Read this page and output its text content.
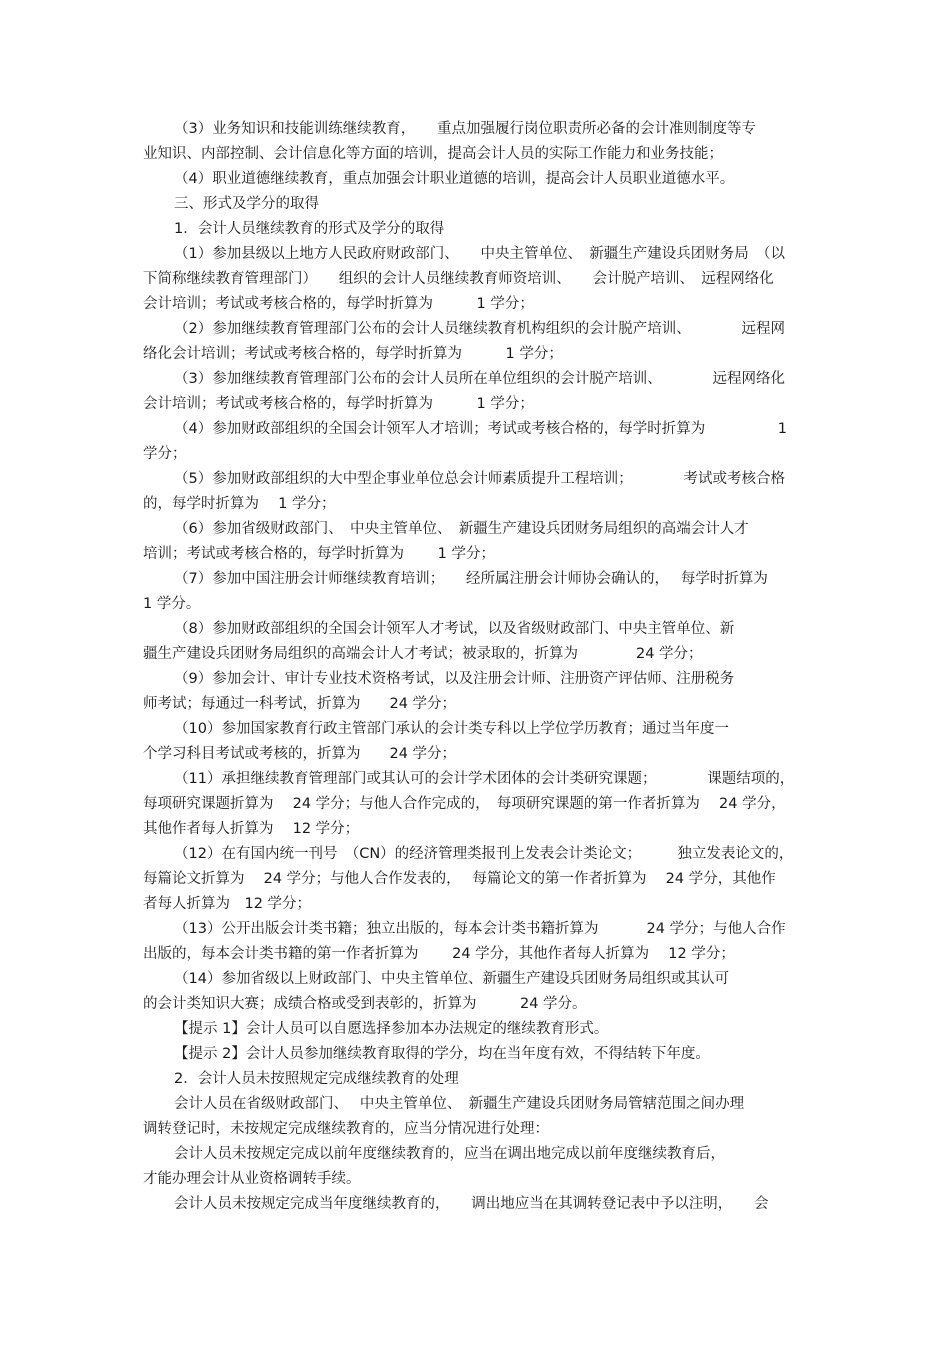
（3）业务知识和技能训练继续教育，　　重点加强履行岗位职责所必备的会计准则制度等专
业知识、内部控制、会计信息化等方面的培训，提高会计人员的实际工作能力和业务技能；
（4）职业道德继续教育，重点加强会计职业道德的培训，提高会计人员职业道德水平。
三、形式及学分的取得
1．会计人员继续教育的形式及学分的取得
（1）参加县级以上地方人民政府财政部门、　　中央主管单位、　新疆生产建设兵团财务局　（以
下简称继续教育管理部门）　　组织的会计人员继续教育师资培训、　　会计脱产培训、　远程网络化
会计培训；考试或考核合格的，每学时折算为　　　1 学分；
（2）参加继续教育管理部门公布的会计人员继续教育机构组织的会计脱产培训、　　　　远程网
络化会计培训；考试或考核合格的，每学时折算为　　　1 学分；
（3）参加继续教育管理部门公布的会计人员所在单位组织的会计脱产培训、　　　　远程网络化
会计培训；考试或考核合格的，每学时折算为　　　1 学分；
（4）参加财政部组织的全国会计领军人才培训；考试或考核合格的，每学时折算为　　　　　1
学分；
（5）参加财政部组织的大中型企事业单位总会计师素质提升工程培训；　　　　考试或考核合格
的，每学时折算为　 1 学分；
（6）参加省级财政部门、　中央主管单位、　新疆生产建设兵团财务局组织的高端会计人才
培训；考试或考核合格的，每学时折算为　　 1 学分；
（7）参加中国注册会计师继续教育培训；　　经所属注册会计师协会确认的，　 每学时折算为
1 学分。
（8）参加财政部组织的全国会计领军人才考试，以及省级财政部门、中央主管单位、新
疆生产建设兵团财务局组织的高端会计人才考试；被录取的，折算为　　　　24 学分；
（9）参加会计、审计专业技术资格考试，以及注册会计师、注册资产评估师、注册税务
师考试；每通过一科考试，折算为　　24 学分；
（10）参加国家教育行政主管部门承认的会计类专科以上学位学历教育；通过当年度一
个学习科目考试或考核的，折算为　　24 学分；
（11）承担继续教育管理部门或其认可的会计学术团体的会计类研究课题；　　　　课题结项的，
每项研究课题折算为　 24 学分；与他人合作完成的，　每项研究课题的第一作者折算为　 24 学分，
其他作者每人折算为　 12 学分；
（12）在有国内统一刊号　（CN）的经济管理类报刊上发表会计类论文；　　　独立发表论文的，
每篇论文折算为　 24 学分；与他人合作发表的，　 每篇论文的第一作者折算为　 24 学分，其他作
者每人折算为　12 学分；
（13）公开出版会计类书籍；独立出版的，每本会计类书籍折算为　　　 24 学分；与他人合作
出版的，每本会计类书籍的第一作者折算为　　 24 学分，其他作者每人折算为　 12 学分；
（14）参加省级以上财政部门、中央主管单位、新疆生产建设兵团财务局组织或其认可
的会计类知识大赛；成绩合格或受到表彰的，折算为　　　24 学分。
【提示 1】会计人员可以自愿选择参加本办法规定的继续教育形式。
【提示 2】会计人员参加继续教育取得的学分，均在当年度有效，不得结转下年度。
2．会计人员未按照规定完成继续教育的处理
会计人员在省级财政部门、　 中央主管单位、　新疆生产建设兵团财务局管辖范围之间办理
调转登记时，未按规定完成继续教育的，应当分情况进行处理：
会计人员未按规定完成以前年度继续教育的，应当在调出地完成以前年度继续教育后，
才能办理会计从业资格调转手续。
会计人员未按规定完成当年度继续教育的，　　调出地应当在其调转登记表中予以注明，　　会
